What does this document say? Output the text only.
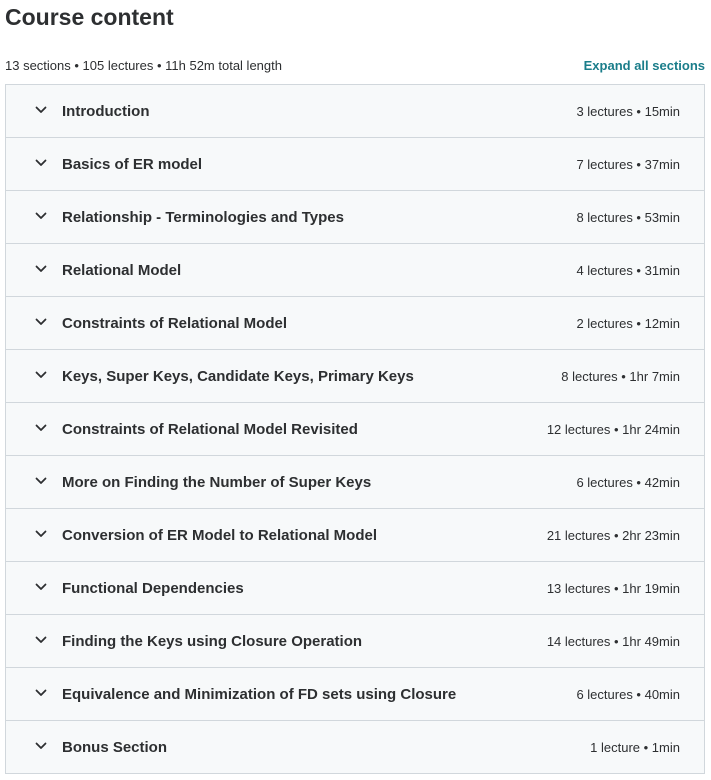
Course content
13 sections • 105 lectures • 11h 52m total length	Expand all sections
Introduction	3 lectures • 15min
Basics of ER model	7 lectures • 37min
Relationship - Terminologies and Types	8 lectures • 53min
Relational Model	4 lectures • 31min
Constraints of Relational Model	2 lectures • 12min
Keys, Super Keys, Candidate Keys, Primary Keys	8 lectures • 1hr 7min
Constraints of Relational Model Revisited	12 lectures • 1hr 24min
More on Finding the Number of Super Keys	6 lectures • 42min
Conversion of ER Model to Relational Model	21 lectures • 2hr 23min
Functional Dependencies	13 lectures • 1hr 19min
Finding the Keys using Closure Operation	14 lectures • 1hr 49min
Equivalence and Minimization of FD sets using Closure	6 lectures • 40min
Bonus Section	1 lecture • 1min
